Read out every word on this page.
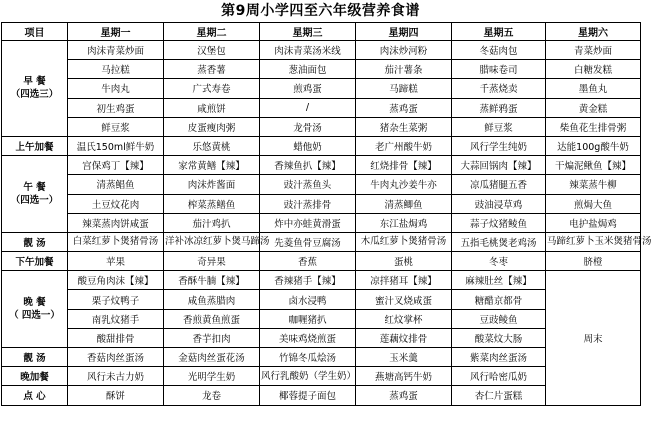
第9周小学四至六年级营养食谱
项目	星期一	星期二	星期三	星期四	星期五	星期六
早 餐
（四选三）	肉沫青菜炒面	汉堡包	肉沫青菜汤米线	肉沫炒河粉	冬菇肉包	青菜炒面
	马拉糕	蒸香薯	葱油面包	茄汁薯条	腊味卷司	白糖发糕
	牛肉丸	广式寿卷	煎鸡蛋	马蹄糕	千蒸烧卖	墨鱼丸
	初生鸡蛋	咸煎饼	/	蒸鸡蛋	蒸鲜鸦蛋	黄金糕
	鲜豆浆	皮蛋瘦肉粥	龙骨汤	猪杂生菜粥	鲜豆浆	柴鱼花生排骨粥
上午加餐	温氏150ml鲜牛奶	乐悠黄桃	蜡他奶	老广州酸牛奶	风行学生纯奶	达能100g酸牛奶
午 餐
（四选一）	宫保鸡丁【辣】	家常黄鳝【辣】	香辣鱼扒【辣】	红烧排骨【辣】	大蒜回锅肉【辣】	干煸泥鳅鱼【辣】
	清蒸鲳鱼	肉沫炸酱面	豉汁蒸鱼头	牛肉丸沙姜牛亦	凉瓜猪腿五香	辣菜蒸牛柳
	土豆炆花肉	榨菜蒸鳝鱼	豉汁蒸排骨	清蒸鲫鱼	豉油浸草鸡	煎焗大鱼
	辣菜蒸肉饼咸蛋	茄汁鸡扒	炸中亦蛙黄滑蛋	东江盐焗鸡	蒜子炆猪鲮鱼	电护盐焗鸡
靓 汤	白菜红萝卜煲猪骨汤	洋补冰凉红萝卜煲马蹄汤	先菱鱼骨豆腐汤	木瓜红萝卜煲猪骨汤	五指毛桃煲老鸡汤	马蹄红萝卜玉米煲猪骨汤
下午加餐	苹果	奇异果	香蕉	蛋桃	冬枣	脐橙
晚 餐
（ 四选一）	酸豆角肉沫【辣】	香酥牛腩【辣】	香辣猪手【辣】	凉拌猪耳【辣】	麻辣肚丝【辣】	周末
	栗子炆鸭子	咸鱼蒸腊肉	卤水浸鸭	蜜汁叉烧咸蛋	糖醋京都骨	
	南乳炆猪手	香煎黄鱼煎蛋	咖喱猪扒	红炆掌杯	豆豉鲮鱼	
	酸甜排骨	香芋扣肉	美味鸡烧煎蛋	莲藕炆排骨	酸菜炆大肠	
靓 汤	香菇肉丝蛋汤	金菇肉丝蛋花汤	竹锦冬瓜烩汤	玉米羹	紫菜肉丝蛋汤	
晚加餐	风行未古力奶	光明学生奶	风行乳酸奶（学生奶）	燕塘高钙牛奶	风行哈密瓜奶	
点 心	酥饼	龙卷	椰蓉提子面包	蒸鸡蛋	杏仁片蛋糕	
